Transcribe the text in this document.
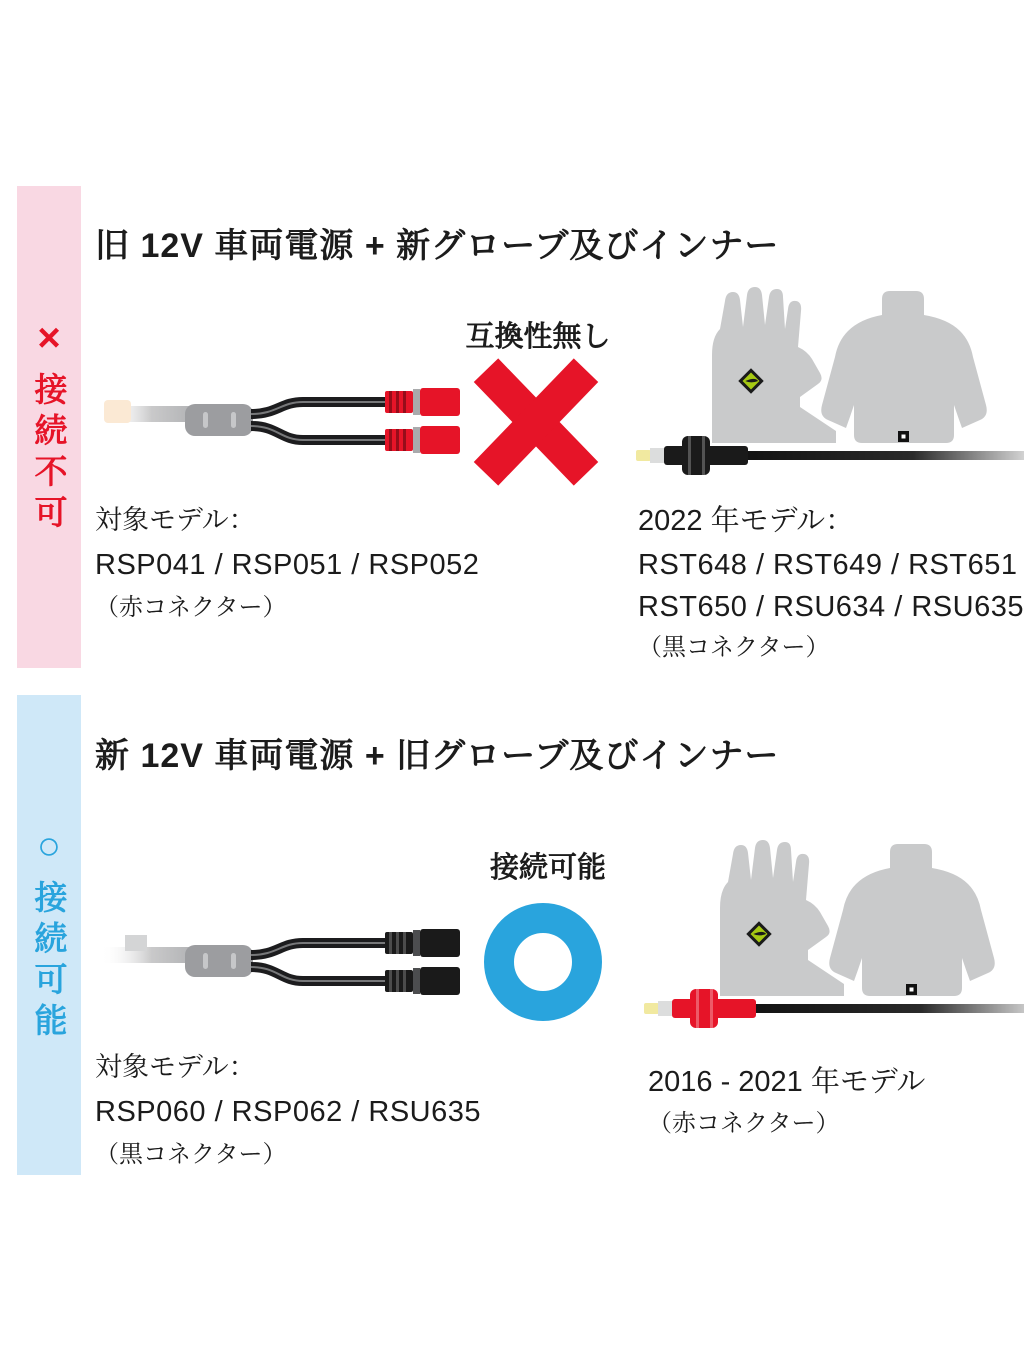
×
接続不可
旧 12V 車両電源 + 新グローブ及びインナー
互換性無し
対象モデル：
RSP041 / RSP051 / RSP052
（赤コネクター）
2022 年モデル：
RST648 / RST649 / RST651
RST650 / RSU634 / RSU635
（黒コネクター）
○
接続可能
新 12V 車両電源 + 旧グローブ及びインナー
接続可能
対象モデル：
RSP060 / RSP062 / RSU635
（黒コネクター）
2016 - 2021 年モデル
（赤コネクター）
